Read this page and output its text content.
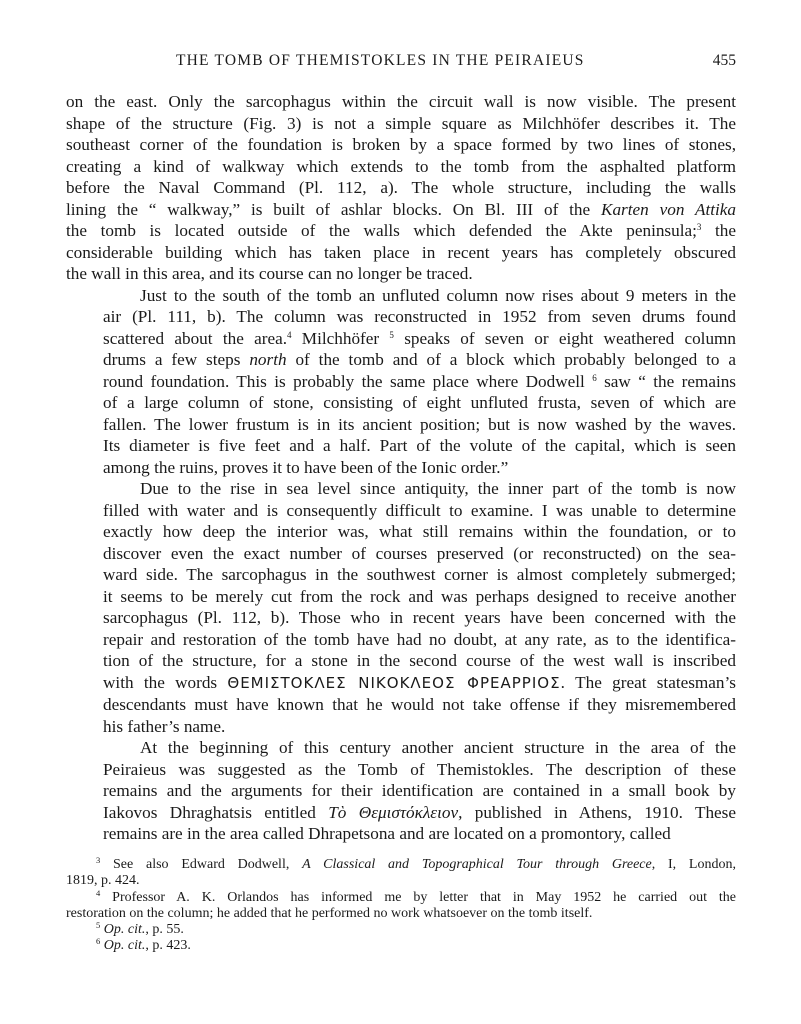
THE TOMB OF THEMISTOKLES IN THE PEIRAIEUS	455
on the east. Only the sarcophagus within the circuit wall is now visible. The present
shape of the structure (Fig. 3) is not a simple square as Milchhöfer describes it. The
southeast corner of the foundation is broken by a space formed by two lines of stones,
creating a kind of walkway which extends to the tomb from the asphalted platform
before the Naval Command (Pl. 112, a). The whole structure, including the walls
lining the “ walkway,” is built of ashlar blocks. On Bl. III of the Karten von Attika
the tomb is located outside of the walls which defended the Akte peninsula;$^3$ the
considerable building which has taken place in recent years has completely obscured
the wall in this area, and its course can no longer be traced.
Just to the south of the tomb an unfluted column now rises about 9 meters in the
air (Pl. 111, b). The column was reconstructed in 1952 from seven drums found
scattered about the area.$^4$ Milchhöfer $^5$ speaks of seven or eight weathered column
drums a few steps north of the tomb and of a block which probably belonged to a
round foundation. This is probably the same place where Dodwell $^6$ saw “ the remains
of a large column of stone, consisting of eight unfluted frusta, seven of which are
fallen. The lower frustum is in its ancient position; but is now washed by the waves.
Its diameter is five feet and a half. Part of the volute of the capital, which is seen
among the ruins, proves it to have been of the Ionic order.”
Due to the rise in sea level since antiquity, the inner part of the tomb is now
filled with water and is consequently difficult to examine. I was unable to determine
exactly how deep the interior was, what still remains within the foundation, or to
discover even the exact number of courses preserved (or reconstructed) on the sea-
ward side. The sarcophagus in the southwest corner is almost completely submerged;
it seems to be merely cut from the rock and was perhaps designed to receive another
sarcophagus (Pl. 112, b). Those who in recent years have been concerned with the
repair and restoration of the tomb have had no doubt, at any rate, as to the identifica-
tion of the structure, for a stone in the second course of the west wall is inscribed
with the words ΘΕΜΙΣΤΟΚΛΕΣ ΝΙΚΟΚΛΕΟΣ ΦΡΕΑΡΡΙΟΣ. The great statesman’s
descendants must have known that he would not take offense if they misremembered
his father’s name.
At the beginning of this century another ancient structure in the area of the
Peiraieus was suggested as the Tomb of Themistokles. The description of these
remains and the arguments for their identification are contained in a small book by
Iakovos Dhraghatsis entitled Τὸ Θεμιστόκλειον, published in Athens, 1910. These
remains are in the area called Dhrapetsona and are located on a promontory, called
$^3$ See also Edward Dodwell, A Classical and Topographical Tour through Greece, I, London,
1819, p. 424.
$^4$ Professor A. K. Orlandos has informed me by letter that in May 1952 he carried out the
restoration on the column; he added that he performed no work whatsoever on the tomb itself.
$^5$ Op. cit., p. 55.
$^6$ Op. cit., p. 423.
